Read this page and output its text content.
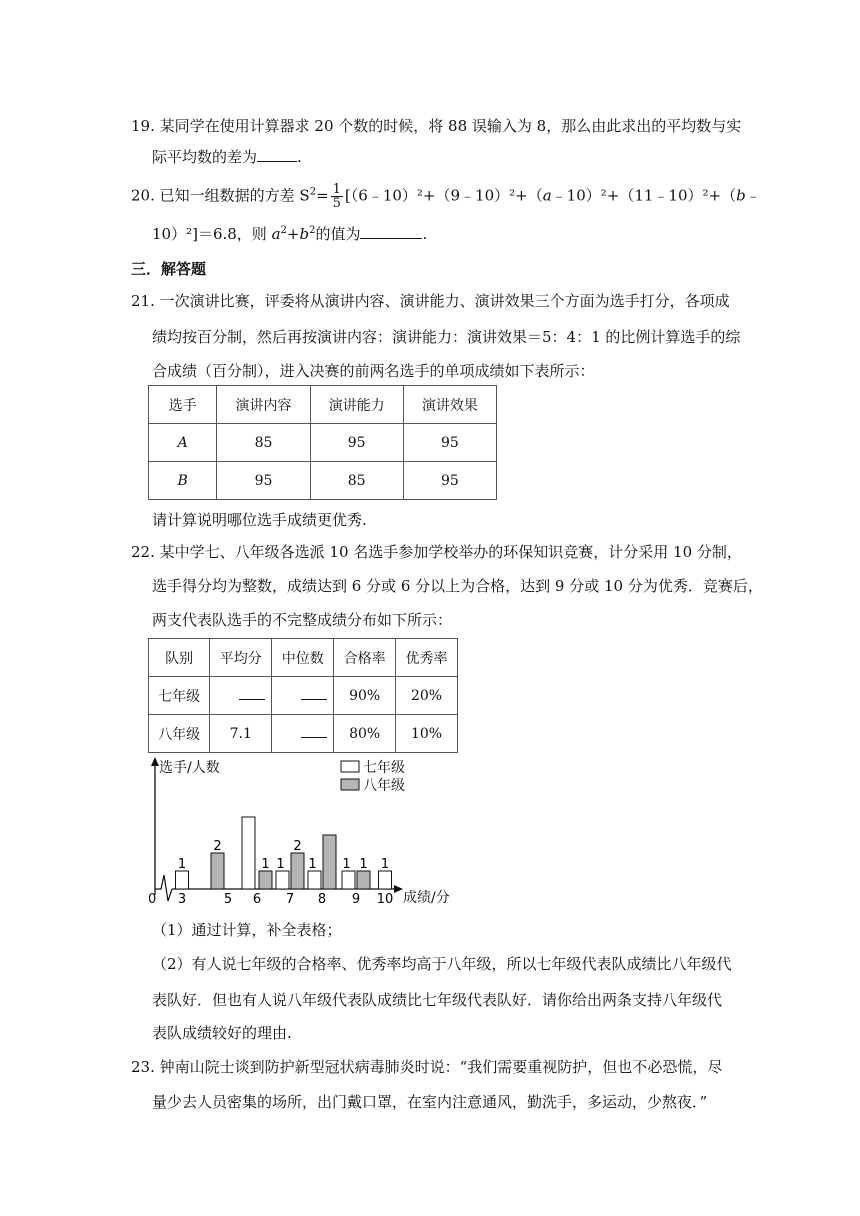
19. 某同学在使用计算器求 20 个数的时候，将 88 误输入为 8，那么由此求出的平均数与实
际平均数的差为	.
20. 已知一组数据的方差 $S^2= \frac{1}{5}$ [（6﹣10）²+（9﹣10）²+（a﹣10）²+（11﹣10）²+（b﹣
10）²]＝6.8，则 $a^2+b^2$的值为	.
三．解答题
21. 一次演讲比赛，评委将从演讲内容、演讲能力、演讲效果三个方面为选手打分，各项成
绩均按百分制，然后再按演讲内容：演讲能力：演讲效果＝5：4：1 的比例计算选手的综
合成绩（百分制），进入决赛的前两名选手的单项成绩如下表所示：
选手	演讲内容	演讲能力	演讲效果
A	85	95	95
B	95	85	95
请计算说明哪位选手成绩更优秀.
22. 某中学七、八年级各选派 10 名选手参加学校举办的环保知识竞赛，计分采用 10 分制，
选手得分均为整数，成绩达到 6 分或 6 分以上为合格，达到 9 分或 10 分为优秀．竞赛后，
两支代表队选手的不完整成绩分布如下所示：
队别	平均分	中位数	合格率	优秀率
七年级			90%	20%
八年级	7.1		80%	10%
选手/人数
成绩/分
0
七年级
八年级
3
1
5
2
6
1
7
1
2
8
1
9
1 1
10
1
（1）通过计算，补全表格；
（2）有人说七年级的合格率、优秀率均高于八年级，所以七年级代表队成绩比八年级代
表队好．但也有人说八年级代表队成绩比七年级代表队好．请你给出两条支持八年级代
表队成绩较好的理由.
23. 钟南山院士谈到防护新型冠状病毒肺炎时说：“我们需要重视防护，但也不必恐慌，尽
量少去人员密集的场所，出门戴口罩，在室内注意通风，勤洗手，多运动，少熬夜．”
